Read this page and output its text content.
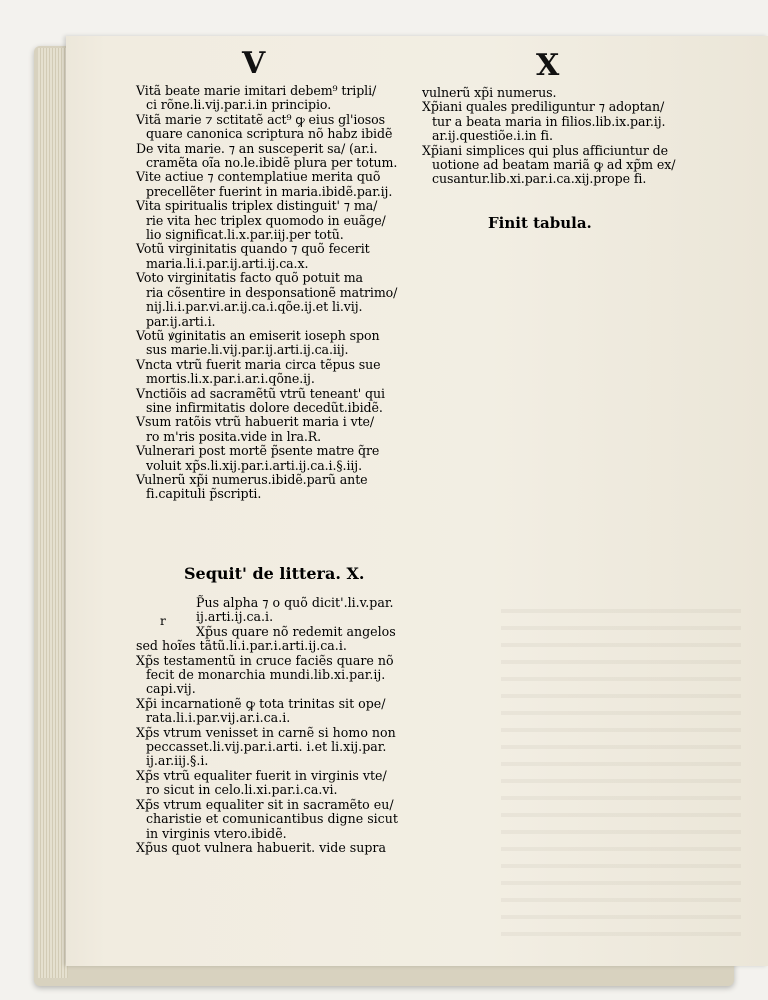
V	X
Vitã beate marie imitari debem⁹ tripli/
ci rõne.li.vij.par.i.in principio.
Vitã marie ⁊ sctitatẽ act⁹ ꝙ eius gl'iosos
quare canonica scriptura nõ habz ibidẽ
De vita marie. ⁊ an susceperit sa/ (ar.i.
cramẽta oĩa no.le.ibidẽ plura per totum.
Vite actiue ⁊ contemplatiue merita quõ
precellẽter fuerint in maria.ibidẽ.par.ij.
Vita spiritualis triplex distinguit' ⁊ ma/
rie vita hec triplex quomodo in euãge/
lio significat.li.x.par.iij.per totũ.
Votũ virginitatis quando ⁊ quõ fecerit
maria.li.i.par.ij.arti.ij.ca.x.
Voto virginitatis facto quõ potuit ma
ria cõsentire in desponsationẽ matrimo/
nij.li.i.par.vi.ar.ij.ca.i.qõe.ij.et li.vij.
par.ij.arti.i.
Votũ ꝟginitatis an emiserit ioseph spon
sus marie.li.vij.par.ij.arti.ij.ca.iij.
Vncta vtrũ fuerit maria circa tẽpus sue
mortis.li.x.par.i.ar.i.qõne.ij.
Vnctiõis ad sacramẽtũ vtrũ teneant' qui
sine infirmitatis dolore decedũt.ibidẽ.
Vsum ratõis vtrũ habuerit maria i vte/
ro m'ris posita.vide in lra.R.
Vulnerari post mortẽ p̃sente matre q̃re
voluit xp̃s.li.xij.par.i.arti.ij.ca.i.§.iij.
Vulnerũ xp̃i numerus.ibidẽ.parũ ante
fi.capituli p̃scripti.
Sequit' de littera. X.
r
P̃us alpha ⁊ o quõ dicit'.li.v.par.
ij.arti.ij.ca.i.
Xp̃us quare nõ redemit angelos
sed hoĩes tãtũ.li.i.par.i.arti.ij.ca.i.
Xp̃s testamentũ in cruce faciẽs quare nõ
fecit de monarchia mundi.lib.xi.par.ij.
capi.vij.
Xp̃i incarnationẽ ꝙ tota trinitas sit ope/
rata.li.i.par.vij.ar.i.ca.i.
Xp̃s vtrum venisset in carnẽ si homo non
peccasset.li.vij.par.i.arti. i.et li.xij.par.
ij.ar.iij.§.i.
Xp̃s vtrũ equaliter fuerit in virginis vte/
ro sicut in celo.li.xi.par.i.ca.vi.
Xp̃s vtrum equaliter sit in sacramẽto eu/
charistie et comunicantibus digne sicut
in virginis vtero.ibidẽ.
Xp̃us quot vulnera habuerit. vide supra
vulnerũ xp̃i numerus.
Xp̃iani quales prediliguntur ⁊ adoptan/
tur a beata maria in filios.lib.ix.par.ij.
ar.ij.questiõe.i.in fi.
Xp̃iani simplices qui plus afficiuntur de
uotione ad beatam mariã ꝙ ad xp̃m ex/
cusantur.lib.xi.par.i.ca.xij.prope fi.
Finit tabula.
